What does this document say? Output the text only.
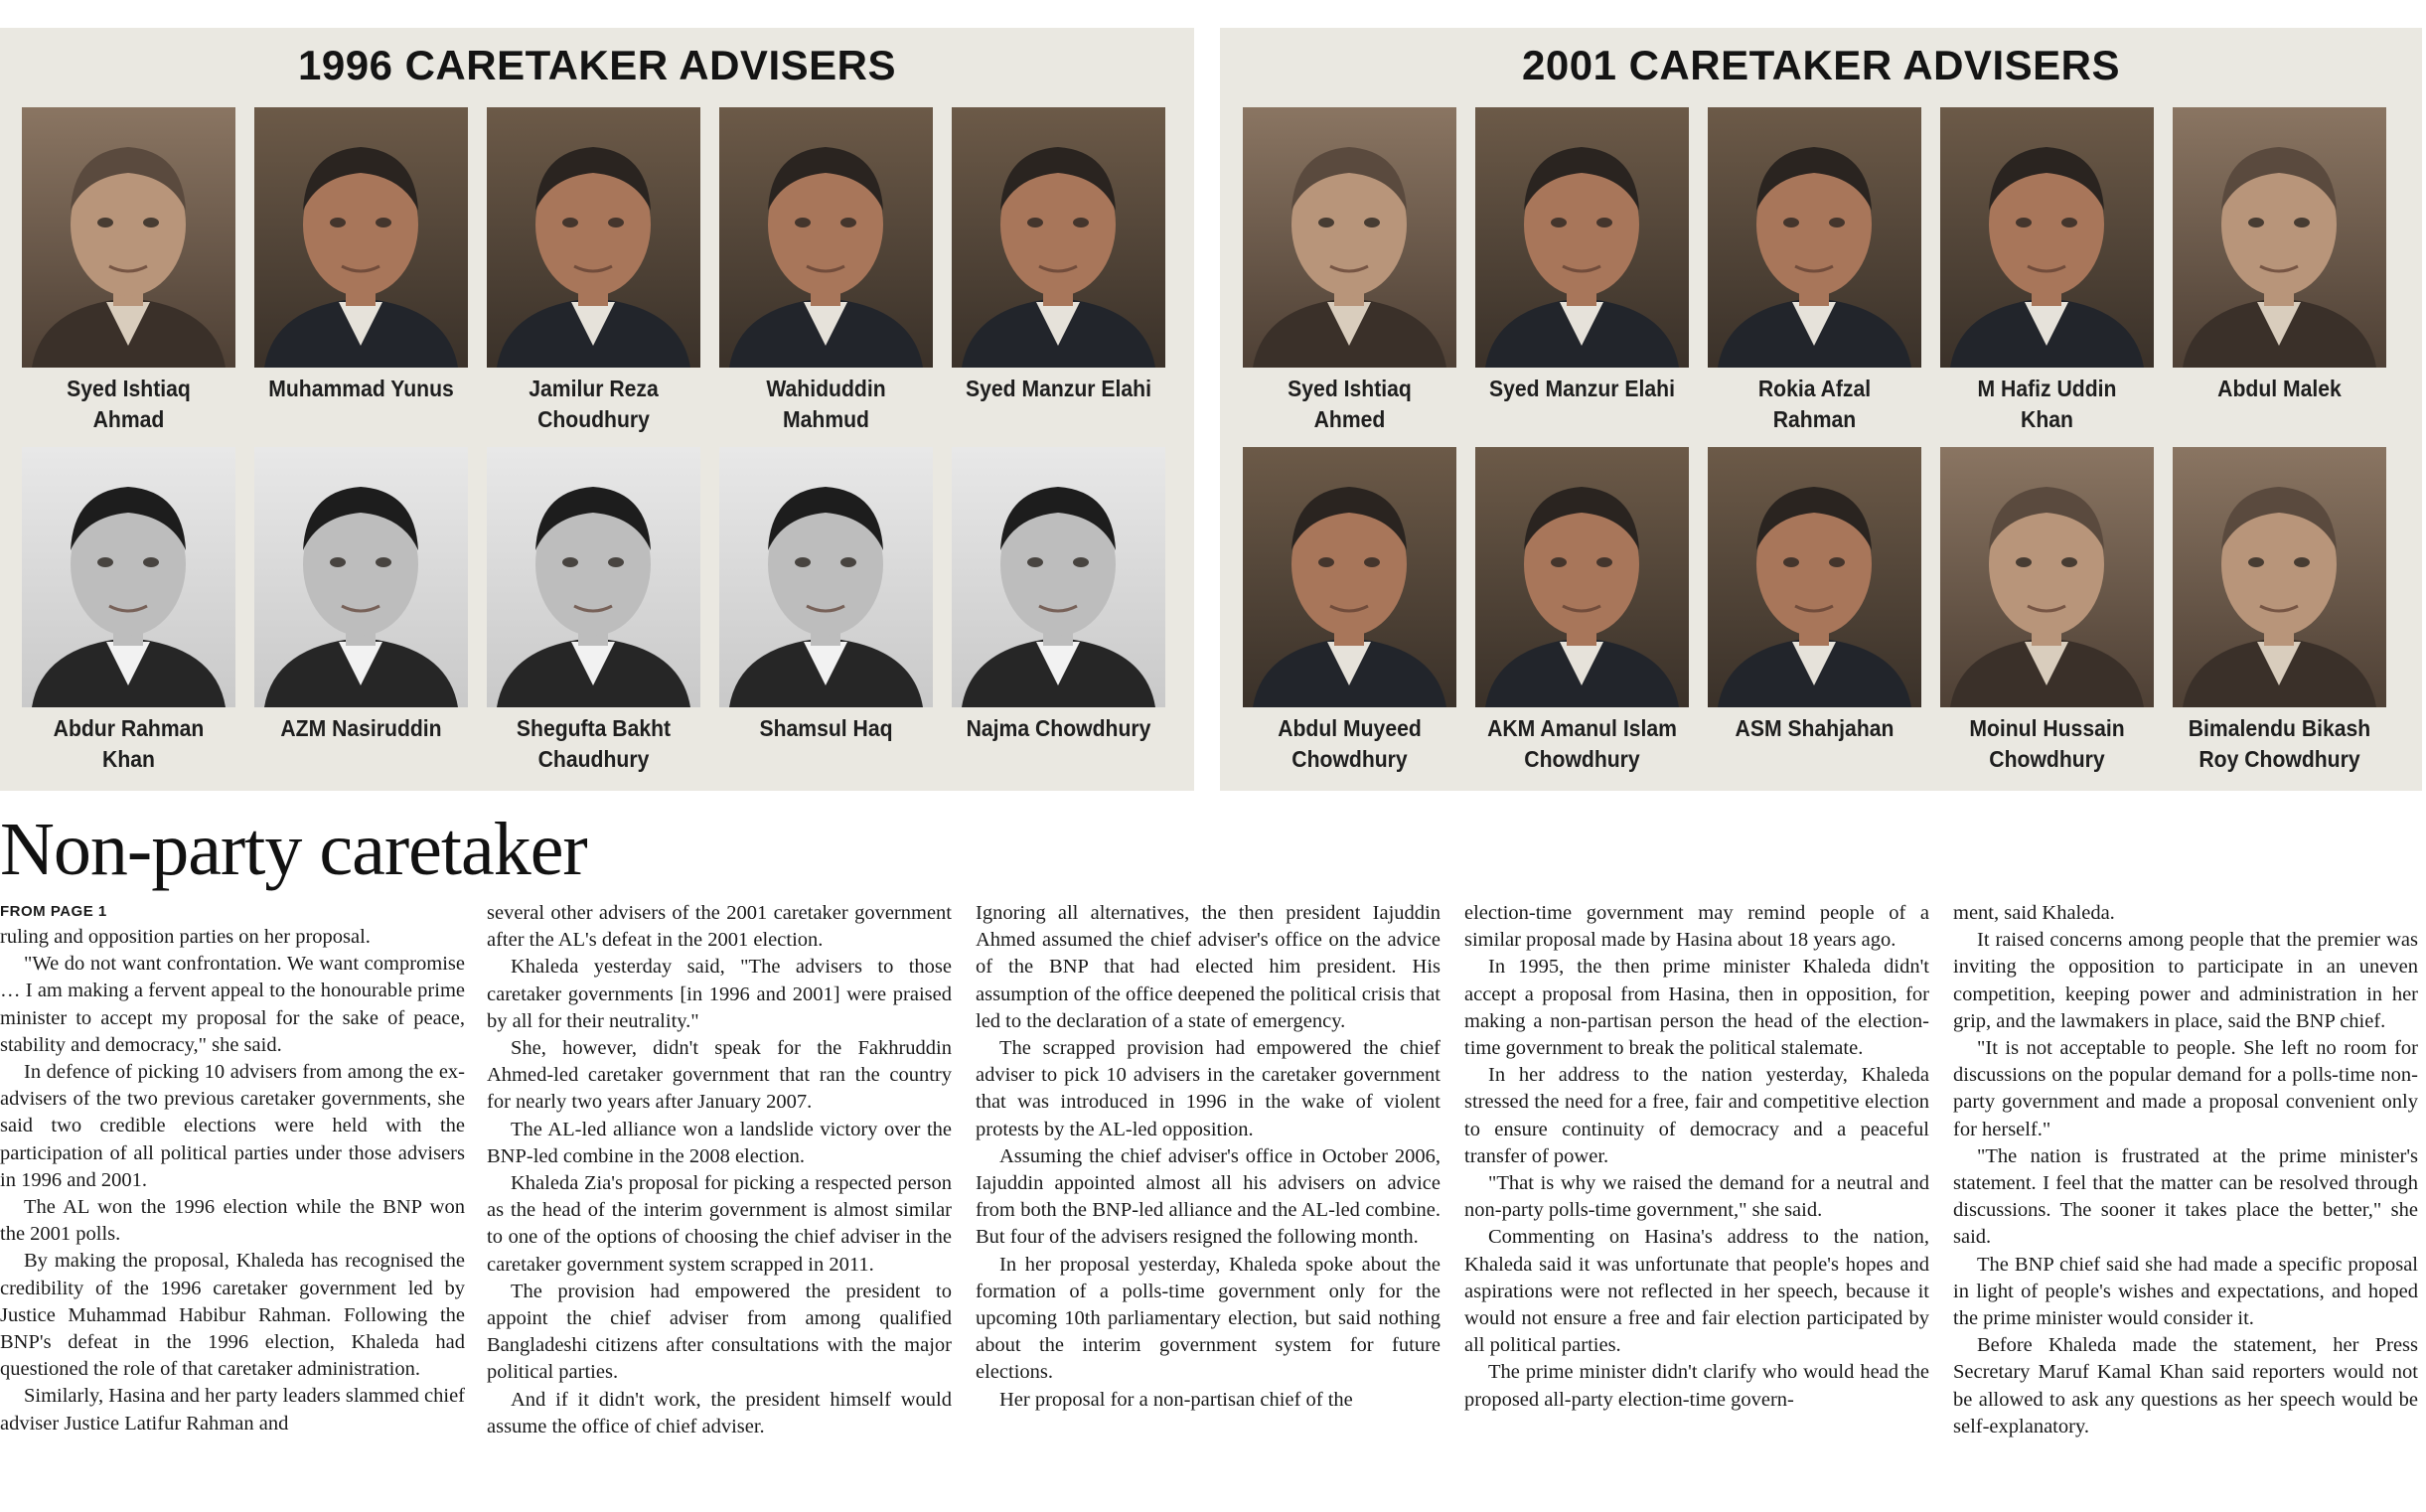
1996 CARETAKER ADVISERS
Syed Ishtiaq Ahmad
Muhammad Yunus	Jamilur Reza Choudhury
Wahiduddin Mahmud
Syed Manzur Elahi
Abdur Rahman Khan
AZM Nasiruddin	Shegufta Bakht Chaudhury
Shamsul Haq	Najma Chowdhury
2001 CARETAKER ADVISERS
Syed Ishtiaq Ahmed
Syed Manzur Elahi	Rokia Afzal Rahman
M Hafiz Uddin Khan
Abdul Malek
Abdul Muyeed Chowdhury
AKM Amanul Islam Chowdhury
ASM Shahjahan	Moinul Hussain Chowdhury
Bimalendu Bikash Roy Chowdhury
Non-party caretaker
FROM PAGE 1

ruling and opposition parties on her proposal.

"We do not want confrontation. We want compromise … I am making a fervent appeal to the honourable prime minister to accept my proposal for the sake of peace, stability and democracy," she said.

In defence of picking 10 advisers from among the ex-advisers of the two previous caretaker governments, she said two credible elections were held with the participation of all political parties under those advisers in 1996 and 2001.

The AL won the 1996 election while the BNP won the 2001 polls.

By making the proposal, Khaleda has recognised the credibility of the 1996 caretaker government led by Justice Muhammad Habibur Rahman. Following the BNP's defeat in the 1996 election, Khaleda had questioned the role of that caretaker administration.

Similarly, Hasina and her party leaders slammed chief adviser Justice Latifur Rahman and

several other advisers of the 2001 caretaker government after the AL's defeat in the 2001 election.

Khaleda yesterday said, "The advisers to those caretaker governments [in 1996 and 2001] were praised by all for their neutrality."

She, however, didn't speak for the Fakhruddin Ahmed-led caretaker government that ran the country for nearly two years after January 2007.

The AL-led alliance won a landslide victory over the BNP-led combine in the 2008 election.

Khaleda Zia's proposal for picking a respected person as the head of the interim government is almost similar to one of the options of choosing the chief adviser in the caretaker government system scrapped in 2011.

The provision had empowered the president to appoint the chief adviser from among qualified Bangladeshi citizens after consultations with the major political parties.

And if it didn't work, the president himself would assume the office of chief adviser.

Ignoring all alternatives, the then president Iajuddin Ahmed assumed the chief adviser's office on the advice of the BNP that had elected him president. His assumption of the office deepened the political crisis that led to the declaration of a state of emergency.

The scrapped provision had empowered the chief adviser to pick 10 advisers in the caretaker government that was introduced in 1996 in the wake of violent protests by the AL-led opposition.

Assuming the chief adviser's office in October 2006, Iajuddin appointed almost all his advisers on advice from both the BNP-led alliance and the AL-led combine. But four of the advisers resigned the following month.

In her proposal yesterday, Khaleda spoke about the formation of a polls-time government only for the upcoming 10th parliamentary election, but said nothing about the interim government system for future elections.

Her proposal for a non-partisan chief of the

election-time government may remind people of a similar proposal made by Hasina about 18 years ago.

In 1995, the then prime minister Khaleda didn't accept a proposal from Hasina, then in opposition, for making a non-partisan person the head of the election-time government to break the political stalemate.

In her address to the nation yesterday, Khaleda stressed the need for a free, fair and competitive election to ensure continuity of democracy and a peaceful transfer of power.

"That is why we raised the demand for a neutral and non-party polls-time government," she said.

Commenting on Hasina's address to the nation, Khaleda said it was unfortunate that people's hopes and aspirations were not reflected in her speech, because it would not ensure a free and fair election participated by all political parties.

The prime minister didn't clarify who would head the proposed all-party election-time govern-

ment, said Khaleda.

It raised concerns among people that the premier was inviting the opposition to participate in an uneven competition, keeping power and administration in her grip, and the lawmakers in place, said the BNP chief.

"It is not acceptable to people. She left no room for discussions on the popular demand for a polls-time non-party government and made a proposal convenient only for herself."

"The nation is frustrated at the prime minister's statement. I feel that the matter can be resolved through discussions. The sooner it takes place the better," she said.

The BNP chief said she had made a specific proposal in light of people's wishes and expectations, and hoped the prime minister would consider it.

Before Khaleda made the statement, her Press Secretary Maruf Kamal Khan said reporters would not be allowed to ask any questions as her speech would be self-explanatory.
